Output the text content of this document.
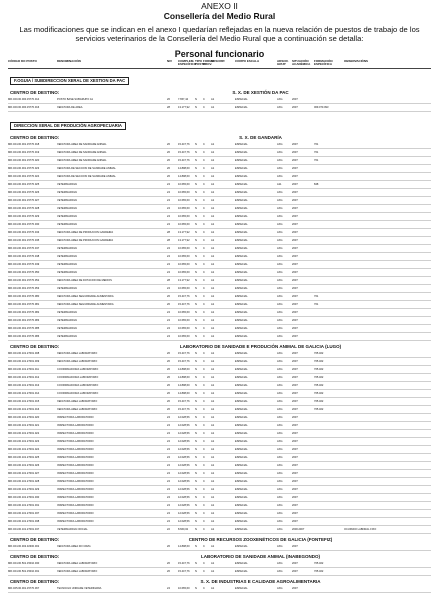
ANEXO II
Consellería del Medio Rural
Las modificaciones que se indican en el anexo I quedarían reflejadas en la nueva relación de puestos de trabajo de los servicios veterinarios de la Consellería del Medio Rural que a continuación se detalla:
Personal funcionario
CÓDIGO DO POSTO	DENOMINACIÓN	NIV	COMPLEM. ESPECÍFICO
TIPO POSTO
FORMA PROV.
ADSCRIP.	CORPO ESCALA	ADSCR. GRUP
SITUACIÓN ACADÉMICA
FORMACIÓN ESPECÍFICA
OBSERVACIÓNS
F.OGUIA / SUBDIRECCION XERAL DE XESTION DA PAC
CENTRO DE DESTINO:	S. X. DE XESTIÓN DA PAC
MR.C00.00.000.15770.014	POSTO BASE SUBGRUPO A1	26	7.657,44	N	C	A1	ESPECIAL	AXG	2007
MR.C00.00.000.15770.016	XEFATURA DE ÁREA	28	13.177,92	N	C	A1	ESPECIAL	AXG	2007	069.070.093
DIRECCION XERAL DE PRODUCIÓN AGROPECUARIA
CENTRO DE DESTINO:	S. X. DE GANDARÍA
MR.C04.00.001.15770.018	XEFATURA ÁREA DE SANIDADE ANIMAL	26	15.447,76	N	C	A1	ESPECIAL	AXG	2007	761
MR.C04.00.001.15770.019	XEFATURA ÁREA DE SANIDADE ANIMAL	26	15.447,76	N	C	A1	ESPECIAL	AXG	2007	761
MR.C04.00.001.15770.020	XEFATURA ÁREA DE SANIDADE ANIMAL	26	15.447,76	N	C	A1	ESPECIAL	AXG	2007	761
MR.C04.00.001.15770.023	XEFATURA DE SECCIÓN DE SANIDADE ANIMAL	26	14.898,60	N	C	A1	ESPECIAL	AXG	2007
MR.C04.00.001.15770.024	XEFATURA DE SECCIÓN DE SANIDADE ANIMAL	26	14.898,60	N	C	A1	ESPECIAL	AXG	2007
MR.C04.00.001.15770.025	VETERINARIO/A	24	10.665,60	N	C	A1	ESPECIAL	A11	2007	848
MR.C04.00.001.15770.026	VETERINARIO/A	24	10.665,60	N	C	A1	ESPECIAL	AXG	2007
MR.C04.00.001.15770.027	VETERINARIO/A	24	10.665,60	N	C	A1	ESPECIAL	AXG	2007
MR.C04.00.001.15770.028	VETERINARIO/A	24	10.665,60	N	C	A1	ESPECIAL	AXG	2007
MR.C04.00.001.15770.029	VETERINARIO/A	24	10.665,60	N	C	A1	ESPECIAL	AXG	2007
MR.C04.00.001.15770.030	VETERINARIO/A	24	10.665,60	N	C	A1	ESPECIAL	AXG	2007
MR.C04.00.001.15770.043	XEFATURA ÁREA DE PRODUCIÓN GANDEIRA	28	13.177,92	N	C	A1	ESPECIAL	AXG	2007
MR.C04.00.001.15770.045	XEFATURA ÁREA DE PRODUCIÓN GANDEIRA	28	13.177,92	N	C	A1	ESPECIAL	AXG	2007
MR.C04.00.001.15770.047	VETERINARIO/A	24	10.665,60	N	C	A1	ESPECIAL	AXG	2007
MR.C04.00.001.15770.048	VETERINARIO/A	24	10.665,60	N	C	A1	ESPECIAL	AXG	2007
MR.C04.00.001.15770.049	VETERINARIO/A	24	10.665,60	N	C	A1	ESPECIAL	AXG	2007
MR.C04.00.001.15770.050	VETERINARIO/A	24	10.665,60	N	C	A1	ESPECIAL	AXG	2007
MR.C04.00.001.15770.052	XEFATURA ÁREA DE DOTACIÓN DE MEDIOS	28	13.177,92	N	C	A1	ESPECIAL	AXG	2007
MR.C04.00.001.15770.053	VETERINARIO/A	24	10.665,60	N	C	A1	ESPECIAL	AXG	2007
MR.C04.00.001.15770.080	XEFATURA ÁREA SEGURIDADE ALIMENTARIA	26	15.447,76	N	C	A1	ESPECIAL	AXG	2007	761
MR.C04.00.001.15770.081	XEFATURA ÁREA SEGURIDADE ALIMENTARIA	26	15.447,76	N	C	A1	ESPECIAL	AXG	2007	761
MR.C04.00.001.15770.082	VETERINARIO/A	24	10.665,60	N	C	A1	ESPECIAL	AXG	2007
MR.C04.00.001.15770.083	VETERINARIO/A	24	10.665,60	N	C	A1	ESPECIAL	AXG	2007
MR.C04.00.001.15770.085	VETERINARIO/A	24	10.665,60	N	C	A1	ESPECIAL	AXG	2007
MR.C04.00.001.15770.086	VETERINARIO/A	24	10.665,60	N	C	A1	ESPECIAL	AXG	2007
CENTRO DE DESTINO:	LABORATORIO DE SANIDADE E PRODUCIÓN ANIMAL DE GALICIA (LUGO)
MR.C04.00.101.27001.008	XEFATURA ÁREA LABORATORIO	26	15.447,76	N	C	A1	ESPECIAL	AXG	2007	765.462
MR.C04.00.101.27001.009	XEFATURA ÁREA LABORATORIO	26	15.447,76	N	C	A1	ESPECIAL	AXG	2007	765.462
MR.C04.00.101.27001.011	COORDINADOR/A LABORATORIO	26	14.898,60	N	C	A1	ESPECIAL	AXG	2007	765.462
MR.C04.00.101.27001.012	COORDINADOR/A LABORATORIO	26	14.898,60	N	C	A1	ESPECIAL	AXG	2007	765.462
MR.C04.00.101.27001.013	COORDINADOR/A LABORATORIO	26	14.898,60	N	C	A1	ESPECIAL	AXG	2007	765.462
MR.C04.00.101.27001.014	COORDINADOR/A LABORATORIO	26	14.898,60	N	C	A1	ESPECIAL	AXG	2007	765.462
MR.C04.00.101.27001.015	XEFATURA ÁREA LABORATORIO	26	15.447,76	N	C	A1	ESPECIAL	AXG	2007	765.462
MR.C04.00.101.27001.016	XEFATURA ÁREA LABORATORIO	26	15.447,76	N	C	A1	ESPECIAL	AXG	2007	765.462
MR.C04.00.101.27001.020	INSPECTOR/A LABORATORIO	24	12.028,56	N	C	A1	ESPECIAL	AXG	2007
MR.C04.00.101.27001.021	INSPECTOR/A LABORATORIO	24	12.028,56	N	C	A1	ESPECIAL	AXG	2007
MR.C04.00.101.27001.022	INSPECTOR/A LABORATORIO	24	12.028,56	N	C	A1	ESPECIAL	AXG	2007
MR.C04.00.101.27001.023	INSPECTOR/A LABORATORIO	24	12.028,56	N	C	A1	ESPECIAL	AXG	2007
MR.C04.00.101.27001.024	INSPECTOR/A LABORATORIO	24	12.028,56	N	C	A1	ESPECIAL	AXG	2007
MR.C04.00.101.27001.025	INSPECTOR/A LABORATORIO	24	12.028,56	N	C	A1	ESPECIAL	AXG	2007
MR.C04.00.101.27001.026	INSPECTOR/A LABORATORIO	24	12.028,56	N	C	A1	ESPECIAL	AXG	2007
MR.C04.00.101.27001.027	INSPECTOR/A LABORATORIO	24	12.028,56	N	C	A1	ESPECIAL	AXG	2007
MR.C04.00.101.27001.028	INSPECTOR/A LABORATORIO	24	12.028,56	N	C	A1	ESPECIAL	AXG	2007
MR.C04.00.101.27001.029	INSPECTOR/A LABORATORIO	24	12.028,56	N	C	A1	ESPECIAL	AXG	2007
MR.C04.00.101.27001.030	INSPECTOR/A LABORATORIO	24	12.028,56	N	C	A1	ESPECIAL	AXG	2007
MR.C04.00.101.27001.031	INSPECTOR/A LABORATORIO	24	12.028,56	N	C	A1	ESPECIAL	AXG	2007
MR.C04.00.101.27001.037	INSPECTOR/A LABORATORIO	24	12.028,56	N	C	A1	ESPECIAL	AXG	2007
MR.C04.00.101.27001.038	INSPECTOR/A LABORATORIO	24	12.028,56	N	C	A1	ESPECIAL	AXG	2007
MR.C04.00.101.27001.047	VETERINARIO/A OFICIAL	22	8.660,02	N	C	A1	ESPECIAL	AXG	2000.2007	OCUPADO LABORAL FIXO
CENTRO DE DESTINO:	CENTRO DE RECURSOS ZOOXENÉTICOS DE GALICIA (FONTEFIZ)
MR.C04.00.302.32300.002	XEFATURA ÁREA DO CRZG	26	14.898,60	N	C	A1	ESPECIAL	AXG	2007
CENTRO DE DESTINO:	LABORATORIO DE SANIDADE ANIMAL (INABEGONDO)
MR.C04.00.501.15010.030	XEFATURA ÁREA LABORATORIO	26	15.447,76	N	C	A1	ESPECIAL	AXG	2007	765.462
MR.C04.00.501.15010.031	XEFATURA ÁREA LABORATORIO	26	15.447,76	N	C	A1	ESPECIAL	AXG	2007	765.462
CENTRO DE DESTINO:	S. X. DE INDUSTRIAS E CALIDADE AGROALIMENTARIA
MR.C05.00.001.15770.067	TÉCNICO/A UNIDADE VETERINARIA	24	10.665,60	N	C	A1	ESPECIAL	AXG	2007
